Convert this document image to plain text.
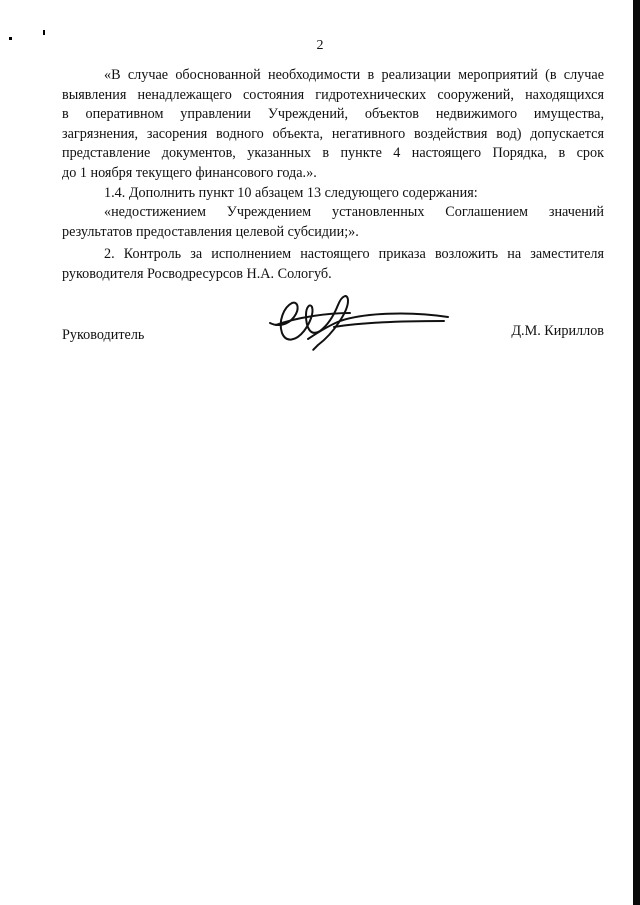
2
«В случае обоснованной необходимости в реализации мероприятий (в случае
выявления ненадлежащего состояния гидротехнических сооружений, находящихся
в оперативном управлении Учреждений, объектов недвижимого имущества,
загрязнения, засорения водного объекта, негативного воздействия вод) допускается
представление документов, указанных в пункте 4 настоящего Порядка, в срок
до 1 ноября текущего финансового года.».
1.4. Дополнить пункт 10 абзацем 13 следующего содержания:
«недостижением Учреждением установленных Соглашением значений
результатов предоставления целевой субсидии;».
2. Контроль за исполнением настоящего приказа возложить на заместителя
руководителя Росводресурсов Н.А. Сологуб.
Руководитель	Д.М. Кириллов
